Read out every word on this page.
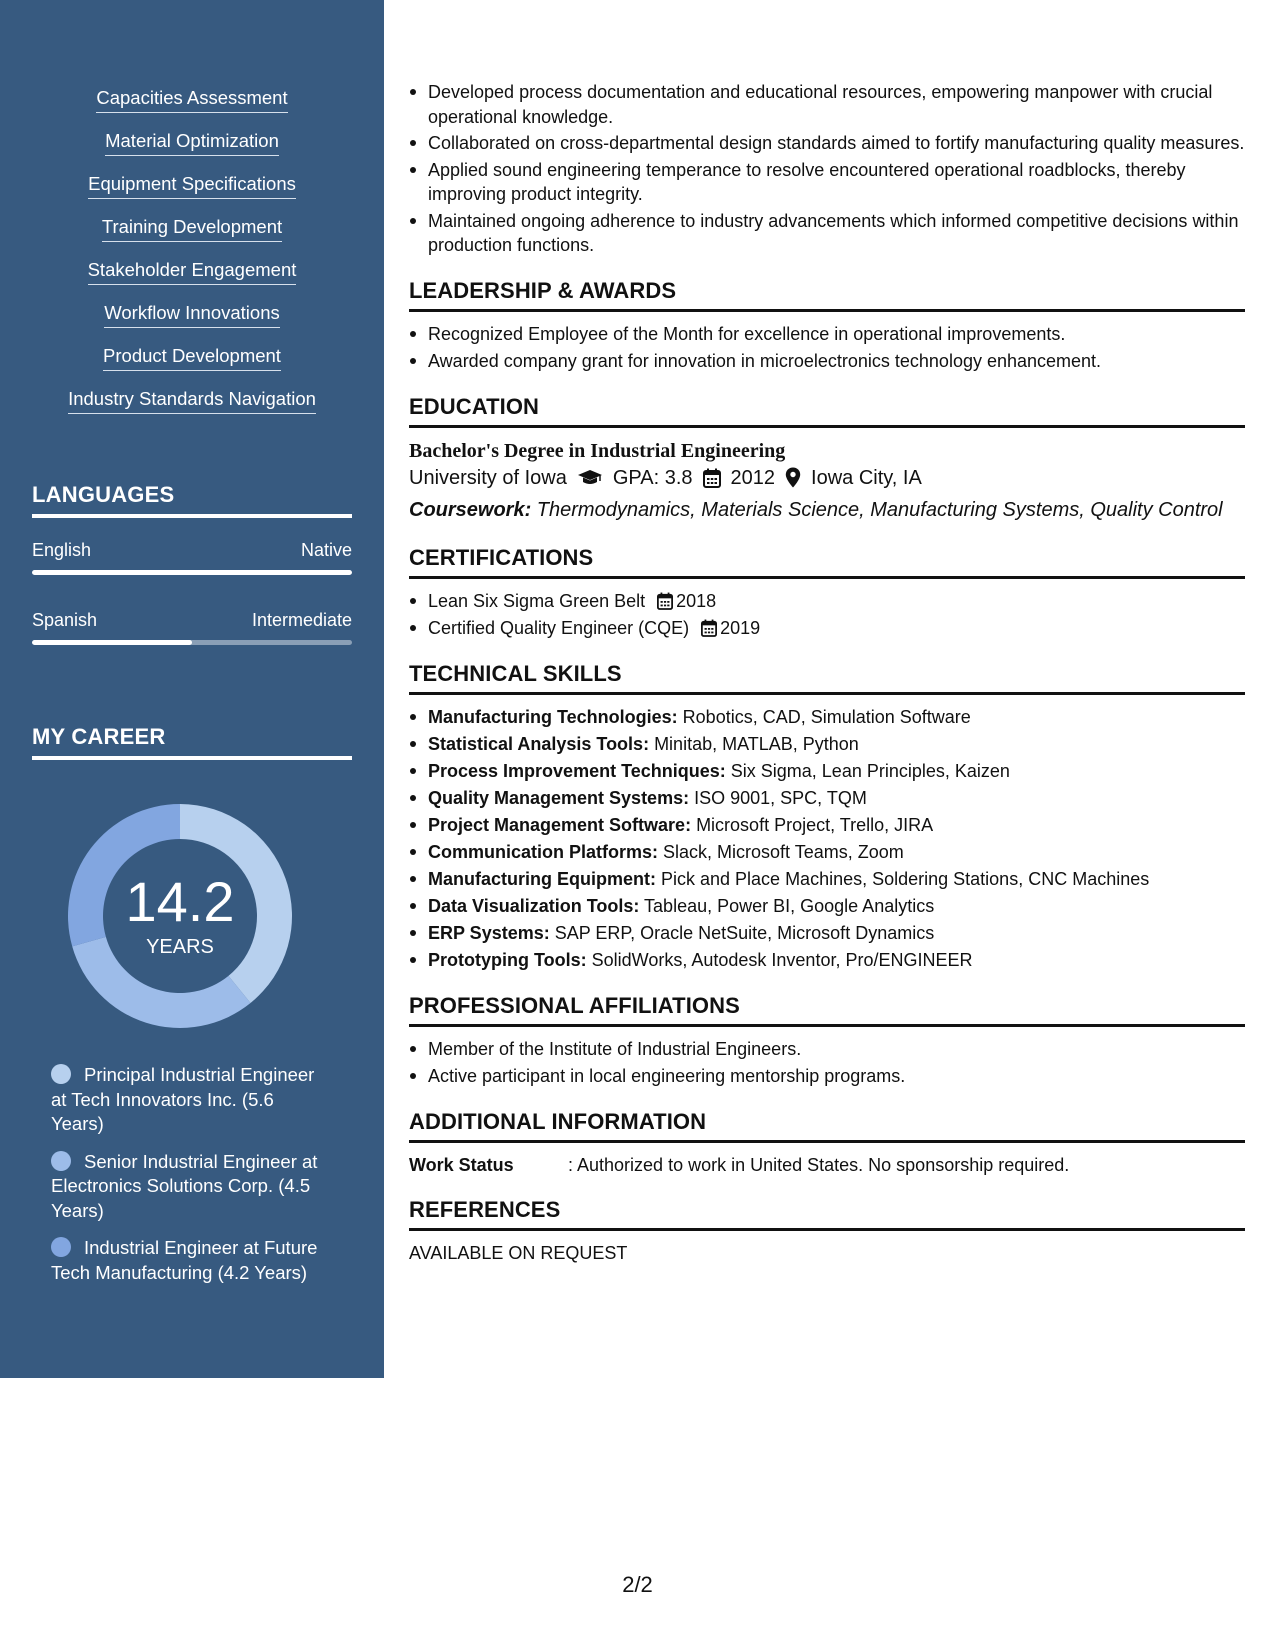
Capacities Assessment
Material Optimization
Equipment Specifications
Training Development
Stakeholder Engagement
Workflow Innovations
Product Development
Industry Standards Navigation
LANGUAGES
English	Native
Spanish	Intermediate
MY CAREER
14.2
YEARS
Principal Industrial Engineer at Tech Innovators Inc. (5.6 Years)
Senior Industrial Engineer at Electronics Solutions Corp. (4.5 Years)
Industrial Engineer at Future Tech Manufacturing (4.2 Years)
Developed process documentation and educational resources, empowering manpower with crucial operational knowledge.
Collaborated on cross-departmental design standards aimed to fortify manufacturing quality measures.
Applied sound engineering temperance to resolve encountered operational roadblocks, thereby improving product integrity.
Maintained ongoing adherence to industry advancements which informed competitive decisions within production functions.
LEADERSHIP & AWARDS
Recognized Employee of the Month for excellence in operational improvements.
Awarded company grant for innovation in microelectronics technology enhancement.
EDUCATION
Bachelor's Degree in Industrial Engineering
University of Iowa GPA: 3.8 2012 Iowa City, IA
Coursework: Thermodynamics, Materials Science, Manufacturing Systems, Quality Control
CERTIFICATIONS
Lean Six Sigma Green Belt 2018
Certified Quality Engineer (CQE) 2019
TECHNICAL SKILLS
Manufacturing Technologies: Robotics, CAD, Simulation Software
Statistical Analysis Tools: Minitab, MATLAB, Python
Process Improvement Techniques: Six Sigma, Lean Principles, Kaizen
Quality Management Systems: ISO 9001, SPC, TQM
Project Management Software: Microsoft Project, Trello, JIRA
Communication Platforms: Slack, Microsoft Teams, Zoom
Manufacturing Equipment: Pick and Place Machines, Soldering Stations, CNC Machines
Data Visualization Tools: Tableau, Power BI, Google Analytics
ERP Systems: SAP ERP, Oracle NetSuite, Microsoft Dynamics
Prototyping Tools: SolidWorks, Autodesk Inventor, Pro/ENGINEER
PROFESSIONAL AFFILIATIONS
Member of the Institute of Industrial Engineers.
Active participant in local engineering mentorship programs.
ADDITIONAL INFORMATION
Work Status	: Authorized to work in United States. No sponsorship required.
REFERENCES
AVAILABLE ON REQUEST
2/2
